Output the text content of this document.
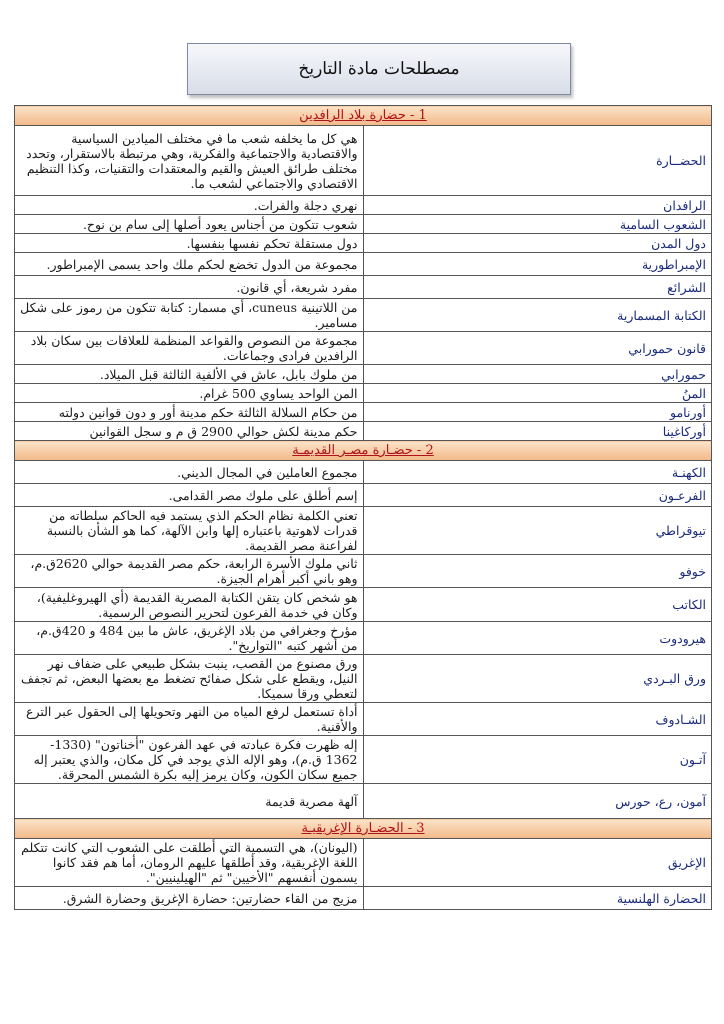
مصطلحات مادة التاريخ
1 - حضارة بلاد الرافدين	
الحضــارة	هي كل ما يخلفه شعب ما في مختلف الميادين السياسية والاقتصادية والاجتماعية والفكرية، وهي مرتبطة بالاستقرار، وتحدد مختلف طرائق العيش والقيم والمعتقدات والتقنيات، وكذا التنظيم الاقتصادي والاجتماعي لشعب ما.
الرافدان	نهري دجلة والفرات.
الشعوب السامية	شعوب تتكون من أجناس يعود أصلها إلى سام بن نوح.
دول المدن	دول مستقلة تحكم نفسها بنفسها.
الإمبراطورية	مجموعة من الدول تخضع لحكم ملك واحد يسمى الإمبراطور.
الشرائع	مفرد شريعة، أي قانون.
الكتابة المسمارية	من اللاتينية cuneus، أي مسمار: كتابة تتكون من رموز على شكل مسامير.
قانون حمورابي	مجموعة من النصوص والقواعد المنظمة للعلاقات بين سكان بلاد الرافدين فرادى وجماعات.
حمورابي	من ملوك بابل، عاش في الألفية الثالثة قبل الميلاد.
المنُ	المن الواحد يساوي 500 غرام.
أورنامو	من حكام السلالة الثالثة حكم مدينة أور و دون قوانين دولته
أوركاغينا	حكم مدينة لكش حوالي 2900 ق م و سجل القوانين
2 - حضـارة مصـر القديمـة	
الكهنـة	مجموع العاملين في المجال الديني.
الفرعـون	إسم أطلق على ملوك مصر القدامى.
تيوقراطي	تعني الكلمة نظام الحكم الذي يستمد فيه الحاكم سلطاته من قدرات لاهوتية باعتباره إلها وابن الآلهة، كما هو الشأن بالنسبة لفراعنة مصر القديمة.
خوفو	ثاني ملوك الأسرة الرابعة، حكم مصر القديمة حوالي 2620ق.م، وهو باني أكبر أهرام الجيزة.
الكاتب	هو شخص كان يتقن الكتابة المصرية القديمة (أي الهيروغليفية)، وكان في خدمة الفرعون لتحرير النصوص الرسمية.
هيرودوت	مؤرخ وجغرافي من بلاد الإغريق، عاش ما بين 484 و 420ق.م، من أشهر كتبه "التواريخ".
ورق البـردي	ورق مصنوع من القصب، ينبت بشكل طبيعي على ضفاف نهر النيل، ويقطع على شكل صفائح تضغط مع بعضها البعض، ثم تجفف لتعطي ورقا سميكا.
الشـادوف	أداة تستعمل لرفع المياه من النهر وتحويلها إلى الحقول عبر الترع والأقنية.
آتـون	إله ظهرت فكرة عبادته في عهد الفرعون "أخناتون" (1330-1362 ق.م)، وهو الإله الذي يوجد في كل مكان، والذي يعتبر إله جميع سكان الكون، وكان يرمز إليه بكرة الشمس المحرقة.
آمون، رع، حورس	آلهة مصرية قديمة
3 - الحضـارة الإغريقيـة	
الإغريق	(اليونان)، هي التسمية التي أطلقت على الشعوب التي كانت تتكلم اللغة الإغريقية، وقد أطلقها عليهم الرومان، أما هم فقد كانوا يسمون أنفسهم "الأخيين" ثم "الهيلينيين".
الحضارة الهلنسية	مزيج من القاء حضارتين: حضارة الإغريق وحضارة الشرق.
